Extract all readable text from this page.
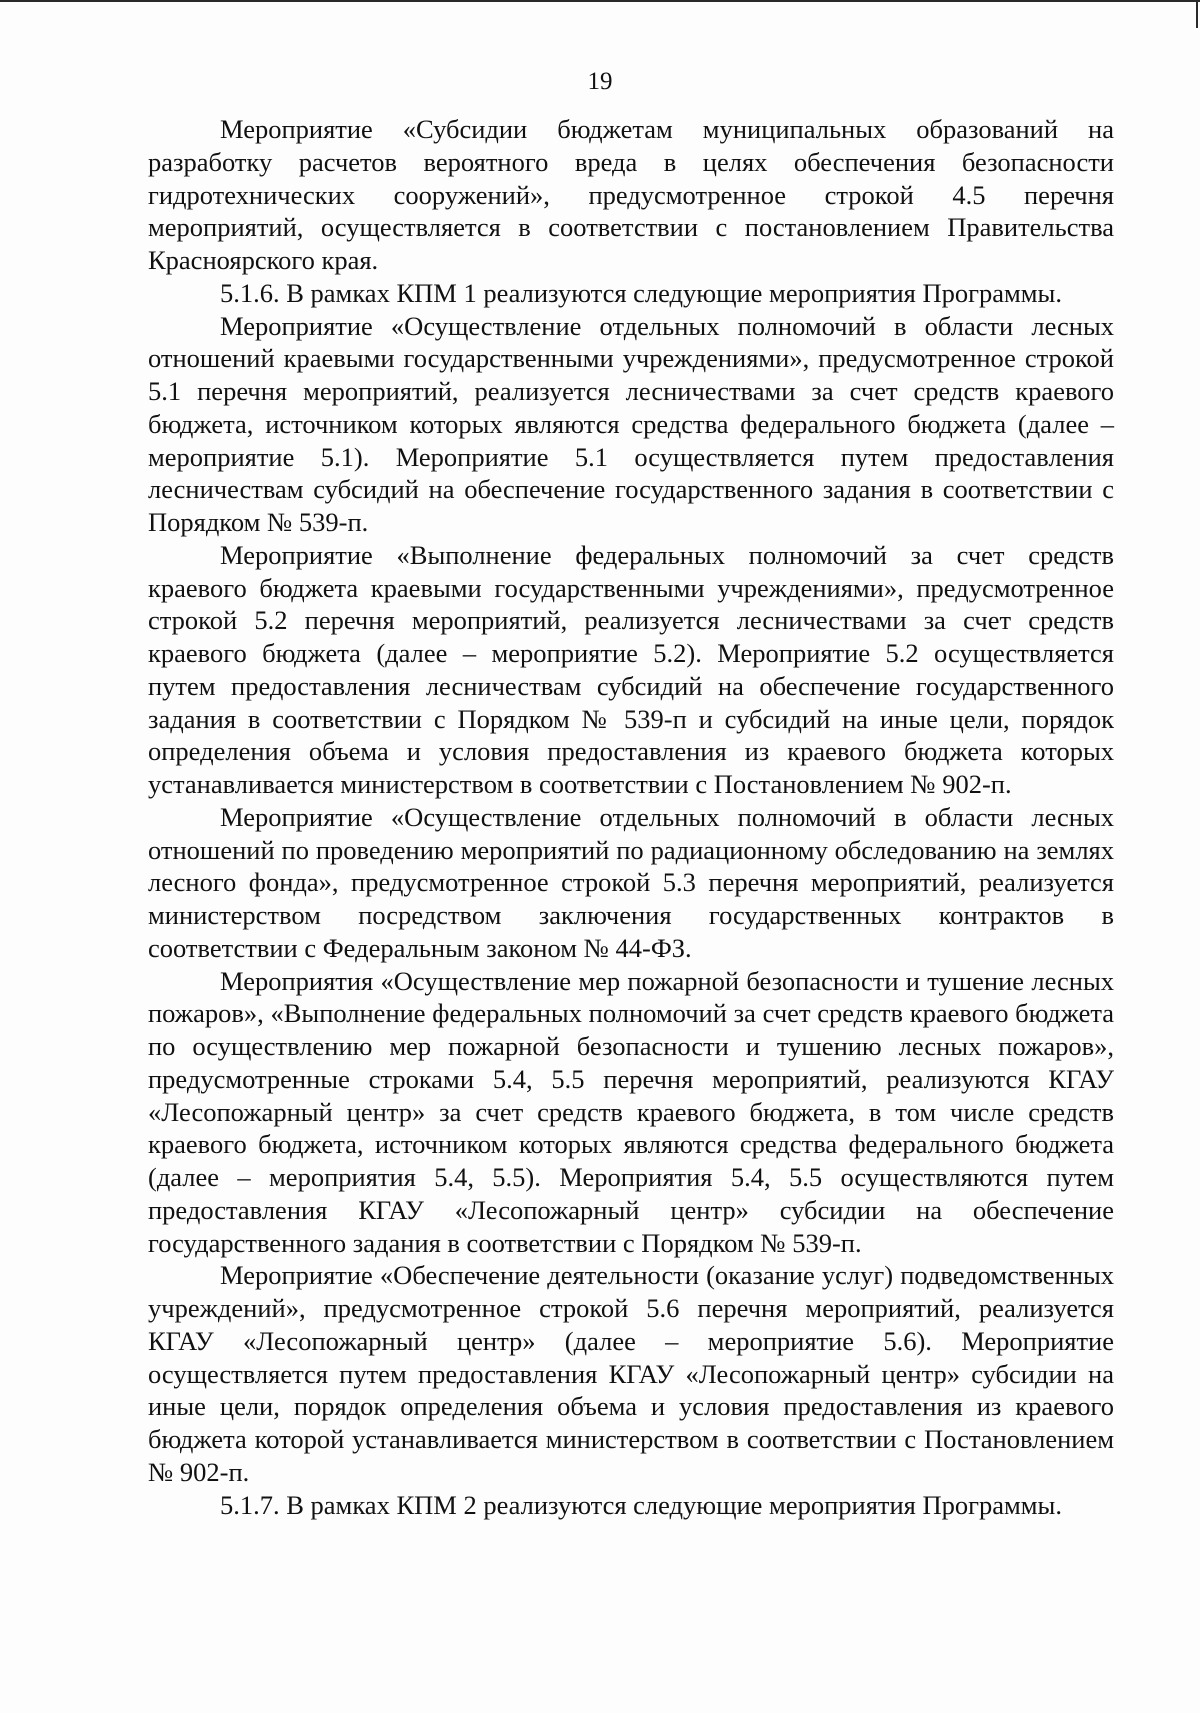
19

Мероприятие «Субсидии бюджетам муниципальных образований на разработку расчетов вероятного вреда в целях обеспечения безопасности гидротехнических сооружений», предусмотренное строкой 4.5 перечня мероприятий, осуществляется в соответствии с постановлением Правительства Красноярского края.

5.1.6. В рамках КПМ 1 реализуются следующие мероприятия Программы.

Мероприятие «Осуществление отдельных полномочий в области лесных отношений краевыми государственными учреждениями», предусмотренное строкой 5.1 перечня мероприятий, реализуется лесничествами за счет средств краевого бюджета, источником которых являются средства федерального бюджета (далее – мероприятие 5.1). Мероприятие 5.1 осуществляется путем предоставления лесничествам субсидий на обеспечение государственного задания в соответствии с Порядком № 539-п.

Мероприятие «Выполнение федеральных полномочий за счет средств краевого бюджета краевыми государственными учреждениями», предусмотренное строкой 5.2 перечня мероприятий, реализуется лесничествами за счет средств краевого бюджета (далее – мероприятие 5.2). Мероприятие 5.2 осуществляется путем предоставления лесничествам субсидий на обеспечение государственного задания в соответствии с Порядком № 539-п и субсидий на иные цели, порядок определения объема и условия предоставления из краевого бюджета которых устанавливается министерством в соответствии с Постановлением № 902-п.

Мероприятие «Осуществление отдельных полномочий в области лесных отношений по проведению мероприятий по радиационному обследованию на землях лесного фонда», предусмотренное строкой 5.3 перечня мероприятий, реализуется министерством посредством заключения государственных контрактов в соответствии с Федеральным законом № 44-ФЗ.

Мероприятия «Осуществление мер пожарной безопасности и тушение лесных пожаров», «Выполнение федеральных полномочий за счет средств краевого бюджета по осуществлению мер пожарной безопасности и тушению лесных пожаров», предусмотренные строками 5.4, 5.5 перечня мероприятий, реализуются КГАУ «Лесопожарный центр» за счет средств краевого бюджета, в том числе средств краевого бюджета, источником которых являются средства федерального бюджета (далее – мероприятия 5.4, 5.5). Мероприятия 5.4, 5.5 осуществляются путем предоставления КГАУ «Лесопожарный центр» субсидии на обеспечение государственного задания в соответствии с Порядком № 539-п.

Мероприятие «Обеспечение деятельности (оказание услуг) подведомственных учреждений», предусмотренное строкой 5.6 перечня мероприятий, реализуется КГАУ «Лесопожарный центр» (далее – мероприятие 5.6). Мероприятие осуществляется путем предоставления КГАУ «Лесопожарный центр» субсидии на иные цели, порядок определения объема и условия предоставления из краевого бюджета которой устанавливается министерством в соответствии с Постановлением № 902-п.

5.1.7. В рамках КПМ 2 реализуются следующие мероприятия Программы.
